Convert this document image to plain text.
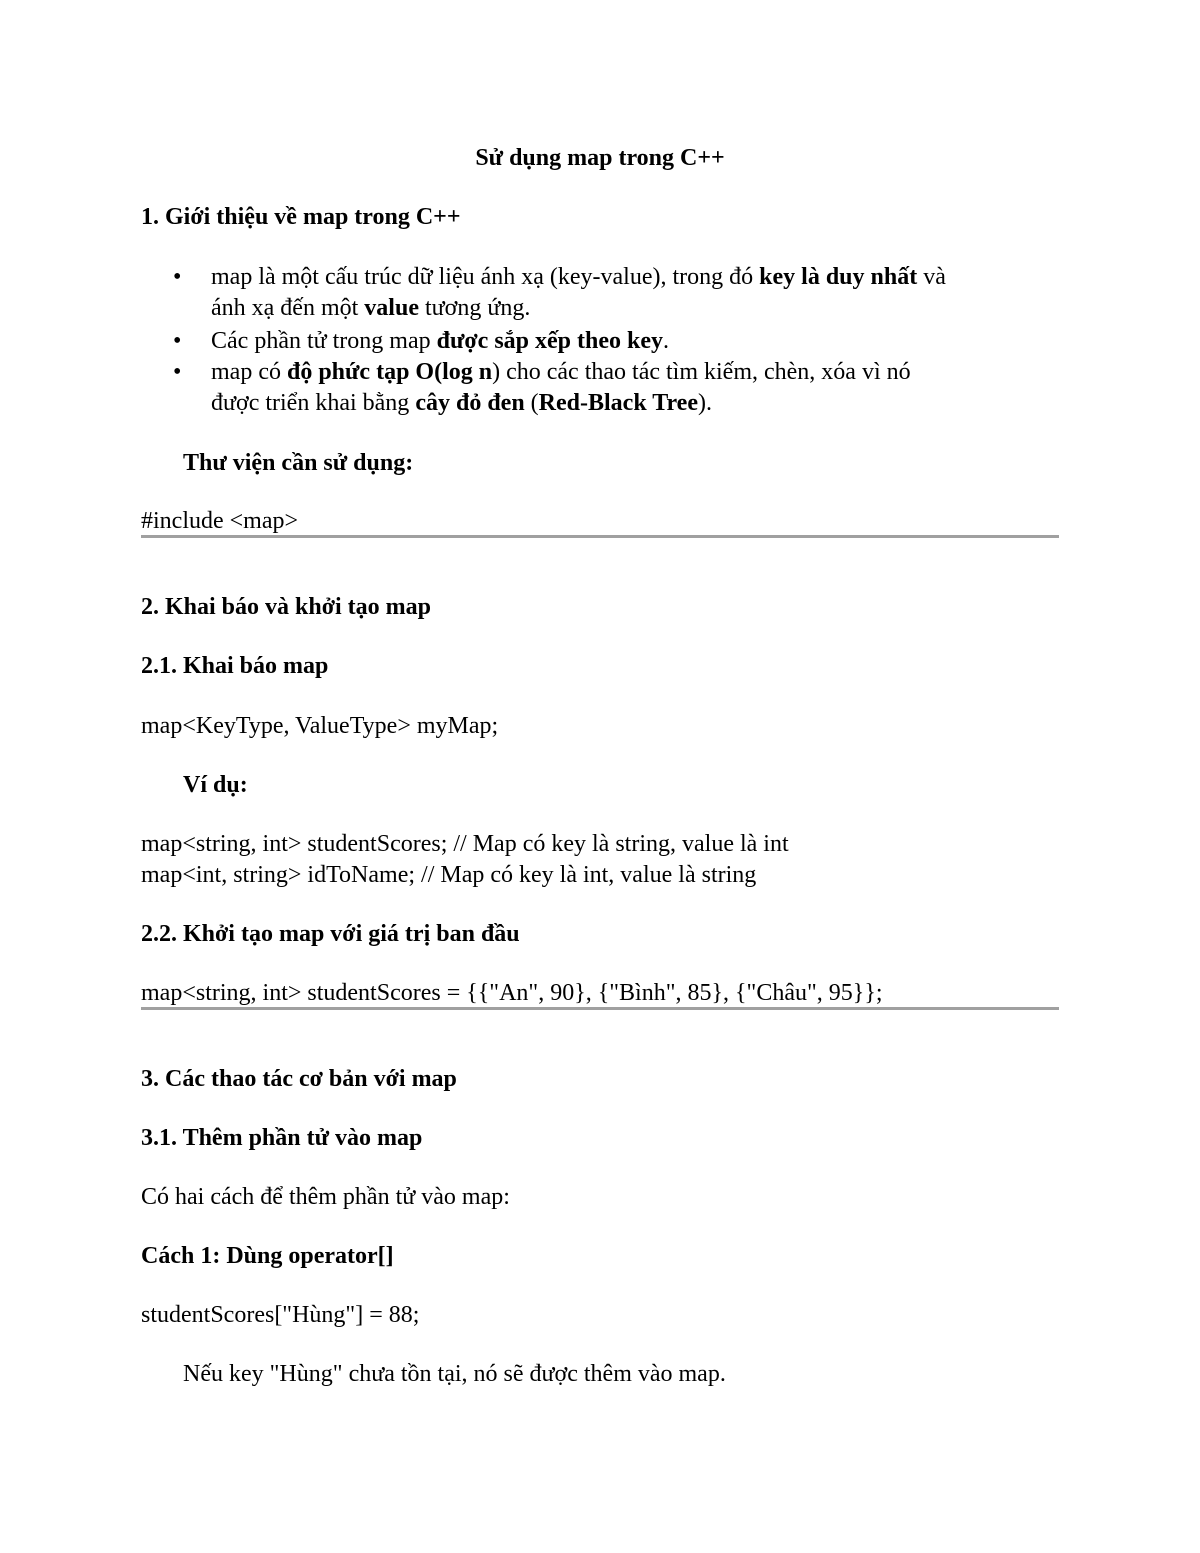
Sử dụng map trong C++
1. Giới thiệu về map trong C++
• map là một cấu trúc dữ liệu ánh xạ (key-value), trong đó key là duy nhất và
ánh xạ đến một value tương ứng.
• Các phần tử trong map được sắp xếp theo key.
• map có độ phức tạp O(log n) cho các thao tác tìm kiếm, chèn, xóa vì nó
được triển khai bằng cây đỏ đen (Red-Black Tree).
Thư viện cần sử dụng:
#include <map>
2. Khai báo và khởi tạo map
2.1. Khai báo map
map<KeyType, ValueType> myMap;
Ví dụ:
map<string, int> studentScores; // Map có key là string, value là int
map<int, string> idToName; // Map có key là int, value là string
2.2. Khởi tạo map với giá trị ban đầu
map<string, int> studentScores = {{"An", 90}, {"Bình", 85}, {"Châu", 95}};
3. Các thao tác cơ bản với map
3.1. Thêm phần tử vào map
Có hai cách để thêm phần tử vào map:
Cách 1: Dùng operator[]
studentScores["Hùng"] = 88;
Nếu key "Hùng" chưa tồn tại, nó sẽ được thêm vào map.
